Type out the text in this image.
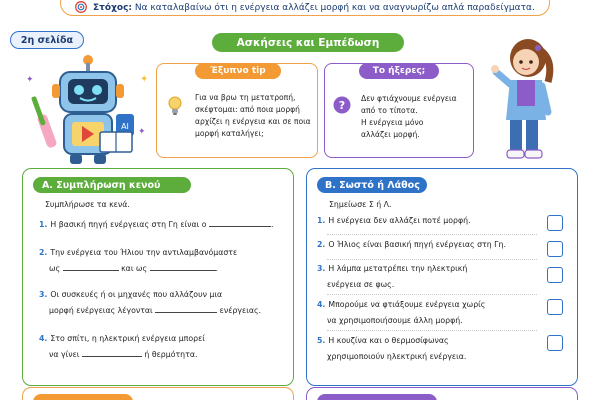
Στόχος: Να καταλαβαίνω ότι η ενέργεια αλλάζει μορφή και να αναγνωρίζω απλά παραδείγματα.
2η σελίδα
AI
✦
✦
✦
Ασκήσεις και Εμπέδωση
Έξυπνο tip
Για να βρω τη μετατροπή,
σκέφτομαι: από ποια μορφή
αρχίζει η ενέργεια και σε ποια
μορφή καταλήγει;
Το ήξερες;
?
Δεν φτιάχνουμε ενέργεια
από το τίποτα.
Η ενέργεια μόνο
αλλάζει μορφή.
Α. Συμπλήρωση κενού
Συμπλήρωσε τα κενά.
1. Η βασική πηγή ενέργειας στη Γη είναι ο	.
2. Την ενέργεια του Ήλιου την αντιλαμβανόμαστε
ως	και ως	.
3. Οι συσκευές ή οι μηχανές που αλλάζουν μια
μορφή ενέργειας λέγονται	ενέργειας.
4. Στο σπίτι, η ηλεκτρική ενέργεια μπορεί
να γίνει	ή θερμότητα.
Β. Σωστό ή Λάθος
Σημείωσε Σ ή Λ.
1. Η ενέργεια δεν αλλάζει ποτέ μορφή.
2. Ο Ήλιος είναι βασική πηγή ενέργειας στη Γη.
3. Η λάμπα μετατρέπει την ηλεκτρική
ενέργεια σε φως.
4. Μπορούμε να φτιάξουμε ενέργεια χωρίς
να χρησιμοποιήσουμε άλλη μορφή.
5. Η κουζίνα και ο θερμοσίφωνας
χρησιμοποιούν ηλεκτρική ενέργεια.
